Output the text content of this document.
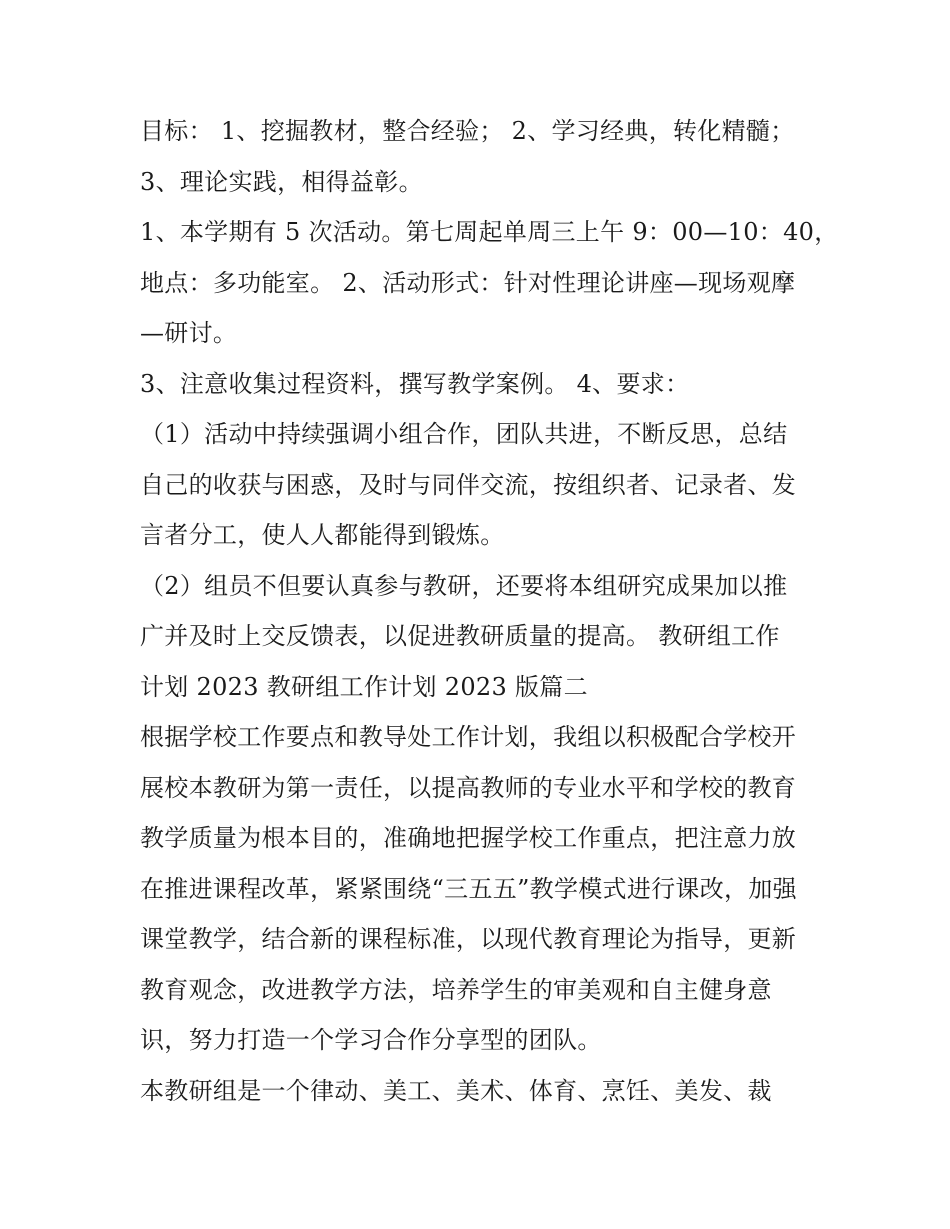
目标： 1、挖掘教材，整合经验； 2、学习经典，转化精髓；
3、理论实践，相得益彰。
1、本学期有 5 次活动。第七周起单周三上午 9：00—10：40，
地点：多功能室。 2、活动形式：针对性理论讲座—现场观摩
—研讨。
3、注意收集过程资料，撰写教学案例。 4、要求：
（1）活动中持续强调小组合作，团队共进，不断反思，总结
自己的收获与困惑，及时与同伴交流，按组织者、记录者、发
言者分工，使人人都能得到锻炼。
（2）组员不但要认真参与教研，还要将本组研究成果加以推
广并及时上交反馈表，以促进教研质量的提高。 教研组工作
计划 2023 教研组工作计划 2023 版篇二
根据学校工作要点和教导处工作计划，我组以积极配合学校开
展校本教研为第一责任，以提高教师的专业水平和学校的教育
教学质量为根本目的，准确地把握学校工作重点，把注意力放
在推进课程改革，紧紧围绕“三五五”教学模式进行课改，加强
课堂教学，结合新的课程标准，以现代教育理论为指导，更新
教育观念，改进教学方法，培养学生的审美观和自主健身意
识，努力打造一个学习合作分享型的团队。
本教研组是一个律动、美工、美术、体育、烹饪、美发、裁
